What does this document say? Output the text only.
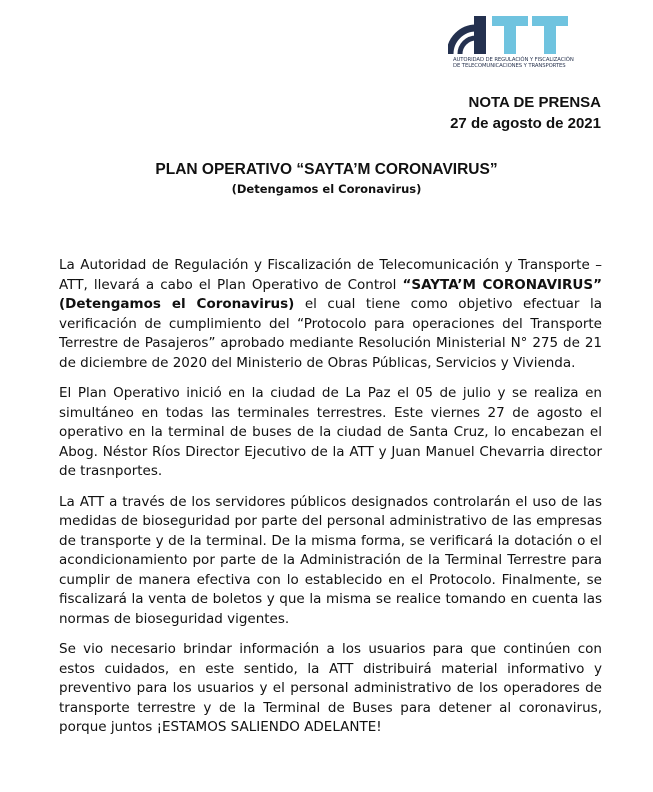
AUTORIDAD DE REGULACIÓN Y FISCALIZACIÓN
DE TELECOMUNICACIONES Y TRANSPORTES
NOTA DE PRENSA
27 de agosto de 2021
PLAN OPERATIVO “SAYTA’M CORONAVIRUS”
(Detengamos el Coronavirus)

La Autoridad de Regulación y Fiscalización de Telecomunicación y Transporte – ATT, llevará a cabo el Plan Operativo de Control “SAYTA’M CORONAVIRUS” (Detengamos el Coronavirus) el cual tiene como objetivo efectuar la verificación de cumplimiento del “Protocolo para operaciones del Transporte Terrestre de Pasajeros” aprobado mediante Resolución Ministerial N° 275 de 21 de diciembre de 2020 del Ministerio de Obras Públicas, Servicios y Vivienda.

El Plan Operativo inició en la ciudad de La Paz el 05 de julio y se realiza en simultáneo en todas las terminales terrestres. Este viernes 27 de agosto el operativo en la terminal de buses de la ciudad de Santa Cruz, lo encabezan el Abog. Néstor Ríos Director Ejecutivo de la ATT y Juan Manuel Chevarria director de trasnportes.

La ATT a través de los servidores públicos designados controlarán el uso de las medidas de bioseguridad por parte del personal administrativo de las empresas de transporte y de la terminal. De la misma forma, se verificará la dotación o el acondicionamiento por parte de la Administración de la Terminal Terrestre para cumplir de manera efectiva con lo establecido en el Protocolo. Finalmente, se fiscalizará la venta de boletos y que la misma se realice tomando en cuenta las normas de bioseguridad vigentes.

Se vio necesario brindar información a los usuarios para que continúen con estos cuidados, en este sentido, la ATT distribuirá material informativo y preventivo para los usuarios y el personal administrativo de los operadores de transporte terrestre y de la Terminal de Buses para detener al coronavirus, porque juntos ¡ESTAMOS SALIENDO ADELANTE!
